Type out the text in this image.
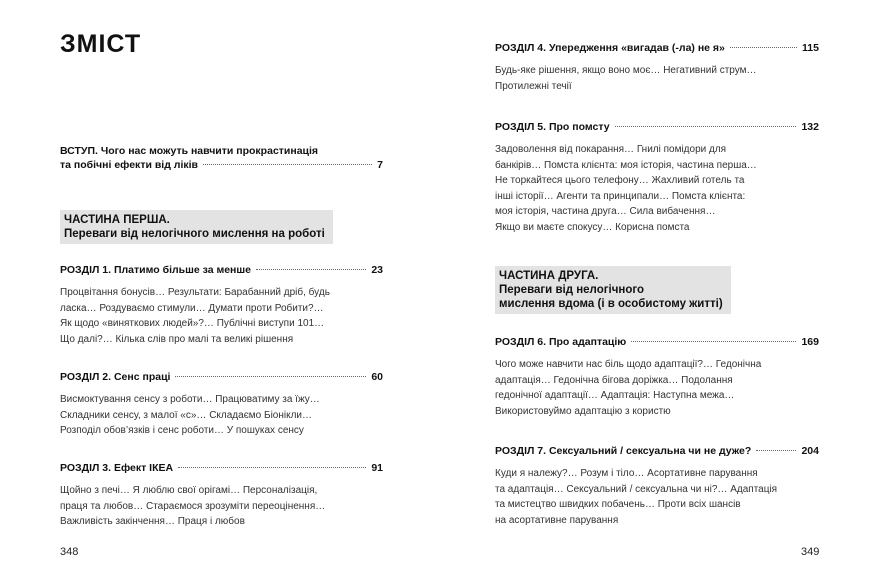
ЗМІСТ
ВСТУП. Чого нас можуть навчити прокрастинація
та побічні ефекти від ліків	7
ЧАСТИНА ПЕРША.
Переваги від нелогічного мислення на роботі
РОЗДІЛ 1. Платимо більше за менше	23
Процвітання бонусів… Результати: Барабанний дріб, будь
ласка… Роздуваємо стимули… Думати проти Робити?…
Як щодо «виняткових людей»?… Публічні виступи 101…
Що далі?… Кілька слів про малі та великі рішення
РОЗДІЛ 2. Сенс праці	60
Висмоктування сенсу з роботи… Працюватиму за їжу…
Складники сенсу, з малої «с»… Складаємо Біонікли…
Розподіл обов’язків і сенс роботи… У пошуках сенсу
РОЗДІЛ 3. Ефект ІКЕА	91
Щойно з печі… Я люблю свої орігамі… Персоналізація,
праця та любов… Стараємося зрозуміти переоцінення…
Важливість закінчення… Праця і любов
348
РОЗДІЛ 4. Упередження «вигадав (-ла) не я»	115
Будь-яке рішення, якщо воно моє… Негативний струм…
Протилежні течії
РОЗДІЛ 5. Про помсту	132
Задоволення від покарання… Гнилі помідори для
банкірів… Помста клієнта: моя історія, частина перша…
Не торкайтеся цього телефону… Жахливий готель та
інші історії… Агенти та принципали… Помста клієнта:
моя історія, частина друга… Сила вибачення…
Якщо ви маєте спокусу… Корисна помста
ЧАСТИНА ДРУГА.
Переваги від нелогічного
мислення вдома (і в особистому житті)
РОЗДІЛ 6. Про адаптацію	169
Чого може навчити нас біль щодо адаптації?… Гедонічна
адаптація… Гедонічна бігова доріжка… Подолання
гедонічної адаптації… Адаптація: Наступна межа…
Використовуймо адаптацію з користю
РОЗДІЛ 7. Сексуальний / сексуальна чи не дуже?	204
Куди я належу?… Розум і тіло… Асортативне парування
та адаптація… Сексуальний / сексуальна чи ні?… Адаптація
та мистецтво швидких побачень… Проти всіх шансів
на асортативне парування
349
